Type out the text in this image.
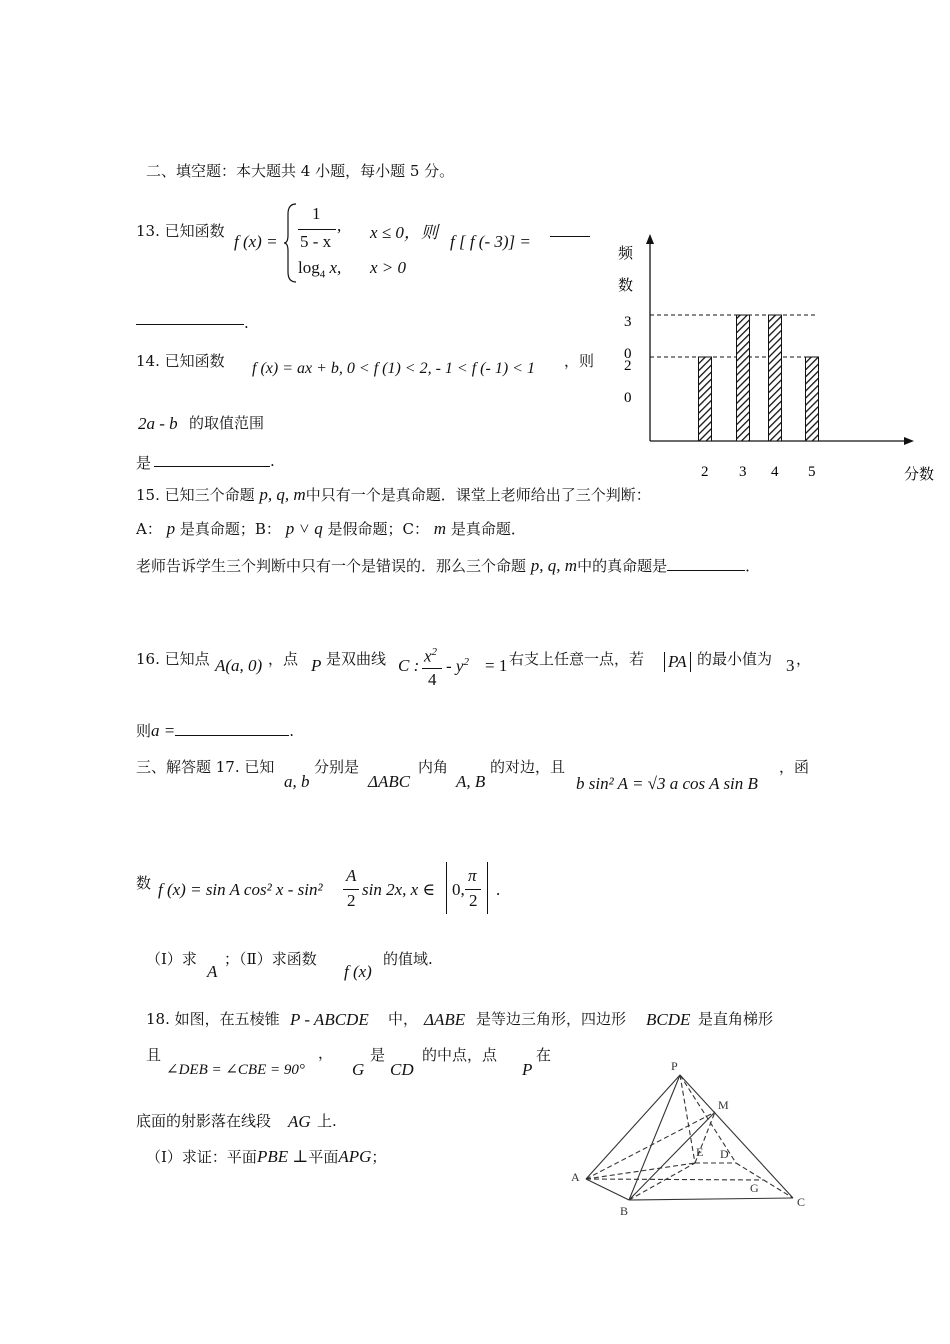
二、填空题：本大题共 4 小题，每小题 5 分。
13. 已知函数
f (x) =
1
5 - x
, x ≤ 0，则
$\log_4 x$, x > 0
f [ f (- 3)] =
.
14. 已知函数 f (x) = ax + b, 0 < f (1) < 2, - 1 < f (- 1) < 1 ，则
2a - b 的取值范围
是	.
2 3 4 5
3
0
2
0
频
数
分数
15. 已知三个命题 p, q, m中只有一个是真命题．课堂上老师给出了三个判断：
A： p 是真命题；B： p ˅ q 是假命题；C： m 是真命题．
老师告诉学生三个判断中只有一个是错误的．那么三个命题 p, q, m中的真命题是	．
16. 已知点 A(a, 0) ，点 P 是双曲线 C : $x^2$
4
- $y^2 = 1$ 右支上任意一点，若 PA 的最小值为 3 ，
则a =	.
三、解答题 17. 已知
a, b
分别是
ΔABC
内角
A, B
的对边，且
b sin² A = √3 a cos A sin B
，函
数 f (x) = sin A cos² x - sin²
A
2
sin 2x, x ∈ 0,
π
2
.
（Ⅰ）求
A
；（Ⅱ）求函数
f (x)
的值域.
18. 如图，在五棱锥 P - ABCDE 中， ΔABE 是等边三角形，四边形 BCDE 是直角梯形
且
∠DEB = ∠CBE = 90°
，
G
是
CD
的中点，点
P
在
底面的射影落在线段 AG 上.
（Ⅰ）求证：平面PBE ⊥平面APG；
P
M
E D
A
G
B
C
